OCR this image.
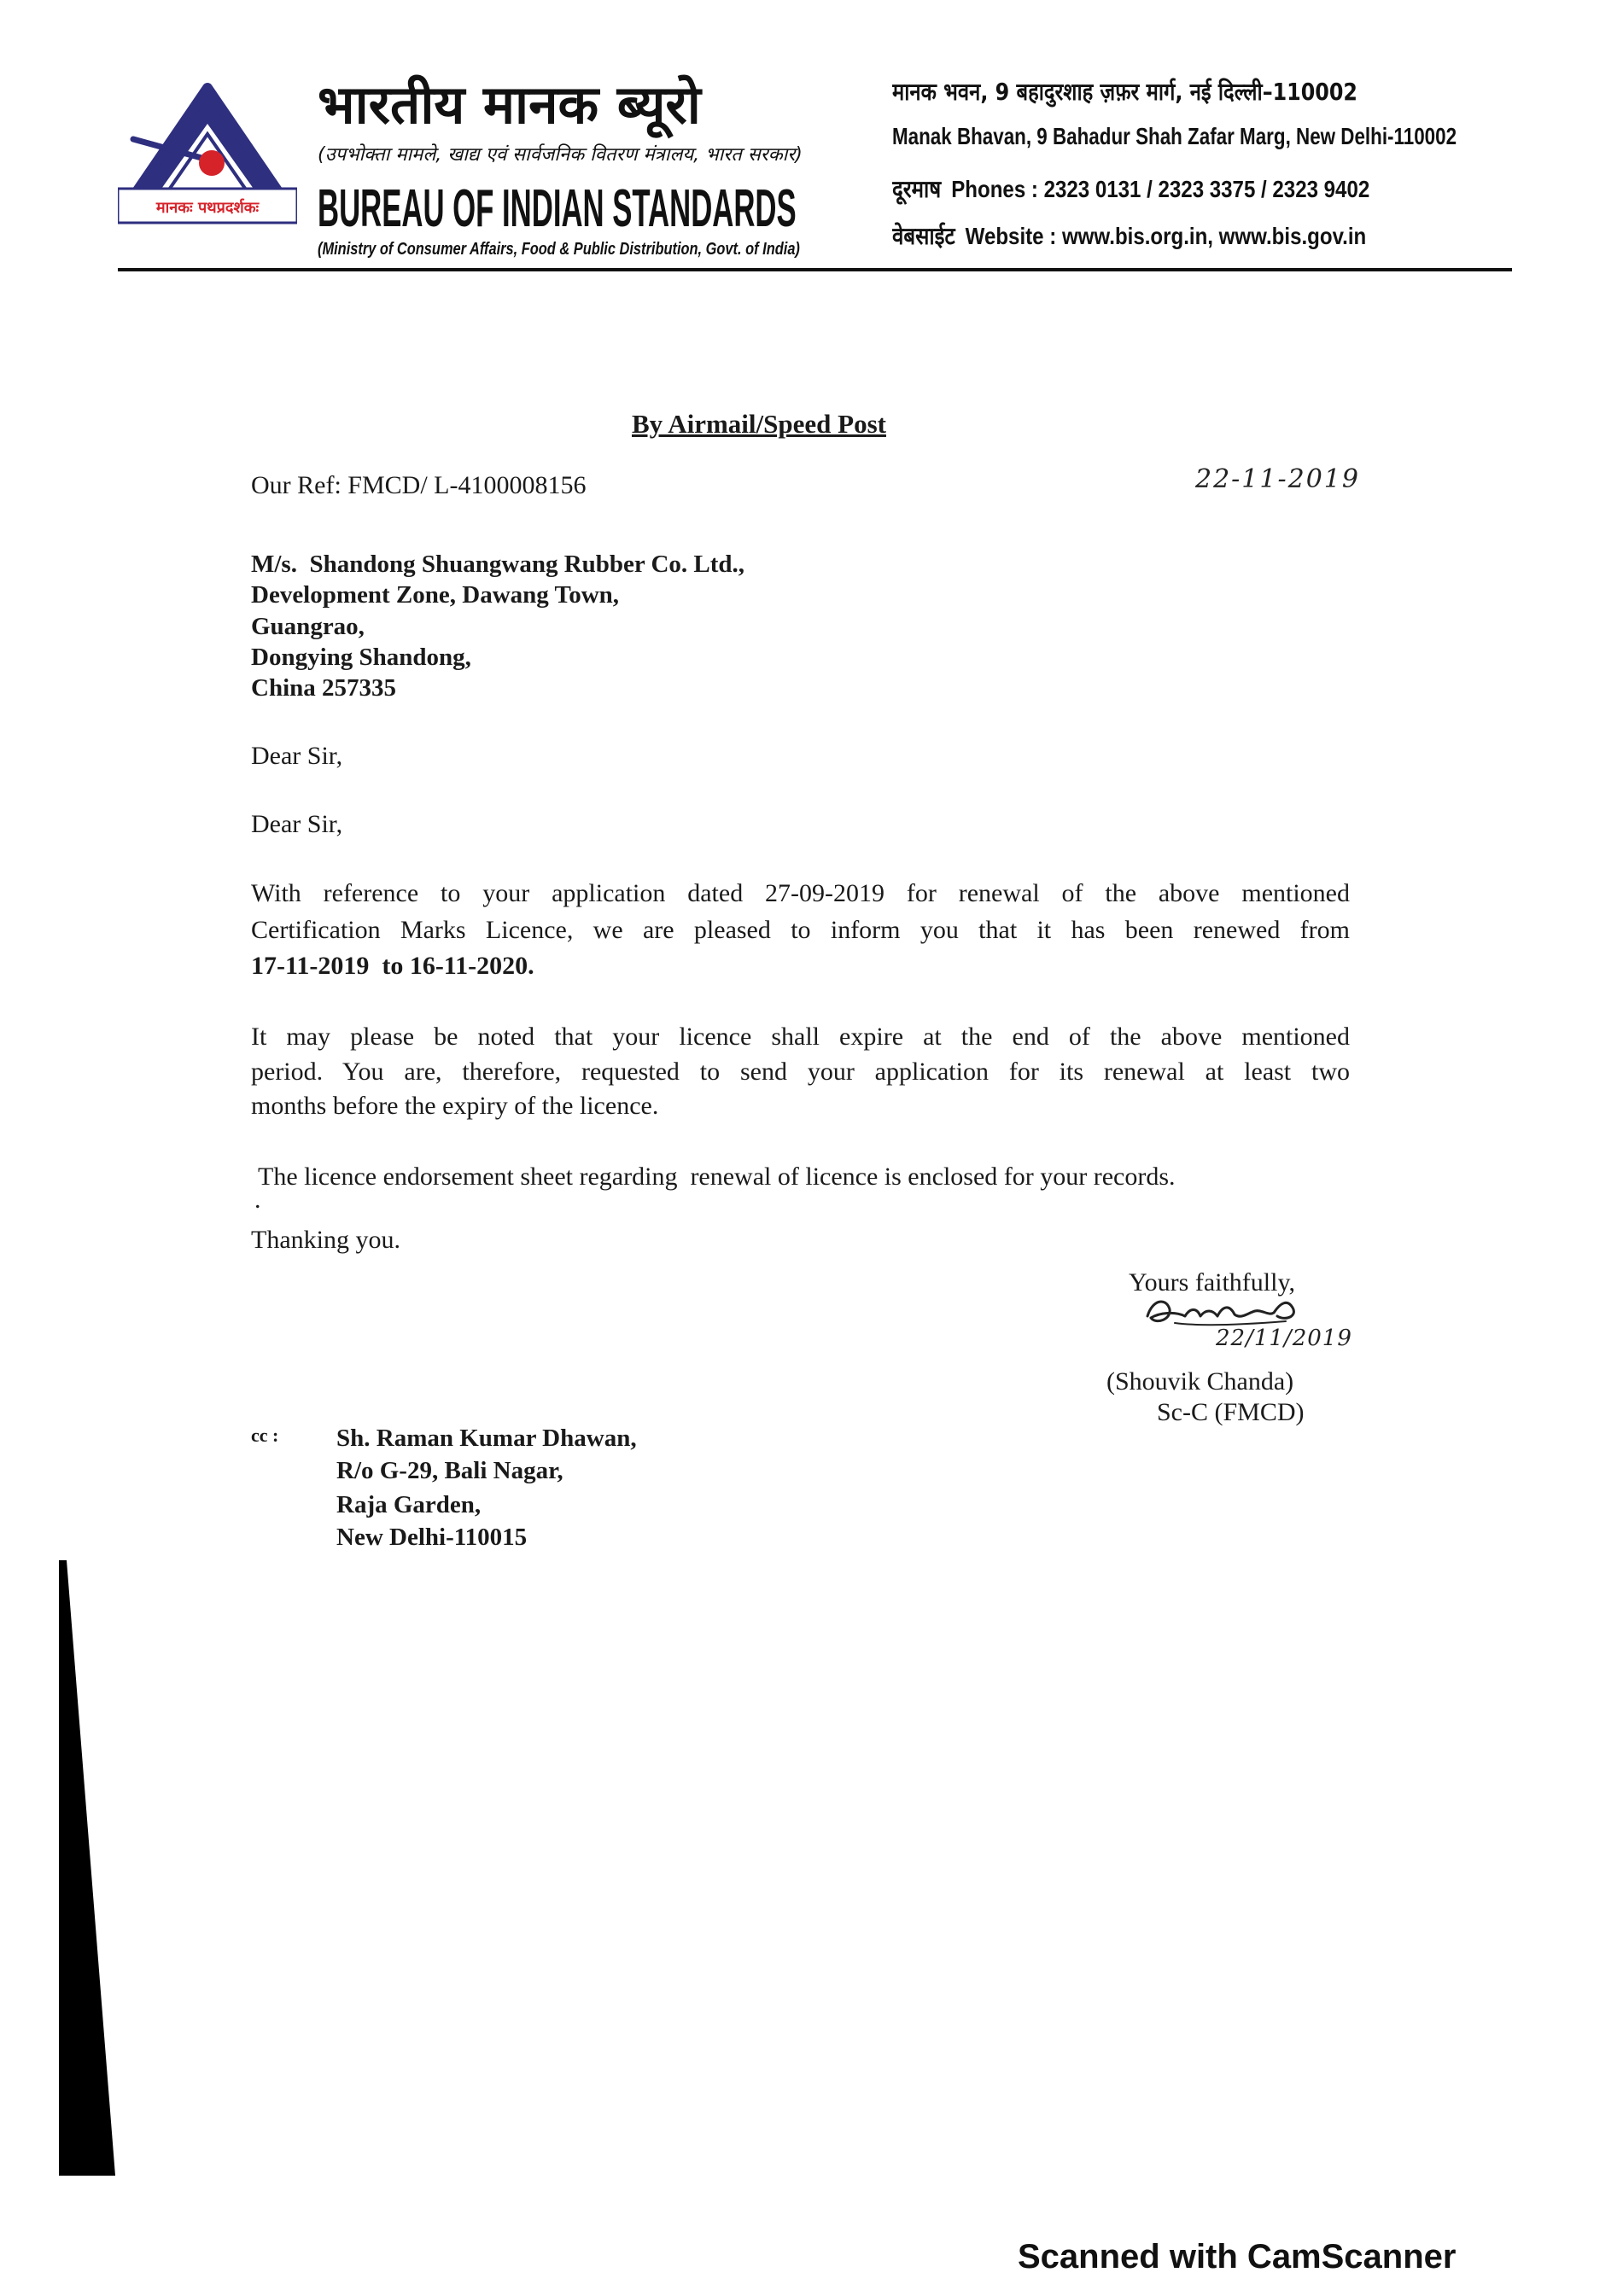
मानकः पथप्रदर्शकः
भारतीय मानक ब्यूरो
(उपभोक्ता मामले, खाद्य एवं सार्वजनिक वितरण मंत्रालय, भारत सरकार)
BUREAU OF INDIAN STANDARDS
(Ministry of Consumer Affairs, Food & Public Distribution, Govt. of India)
मानक भवन, 9 बहादुरशाह ज़फ़र मार्ग, नई दिल्ली–110002
Manak Bhavan, 9 Bahadur Shah Zafar Marg, New Delhi-110002
दूरमाष Phones : 2323 0131 / 2323 3375 / 2323 9402
वेबसाईट Website : www.bis.org.in, www.bis.gov.in
By Airmail/Speed Post
Our Ref: FMCD/ L-4100008156	22-11-2019
M/s.  Shandong Shuangwang Rubber Co. Ltd.,
Development Zone, Dawang Town,
Guangrao,
Dongying Shandong,
China 257335
Dear Sir,
Dear Sir,
With reference to your application dated 27-09-2019 for renewal of the above mentioned
Certification Marks Licence, we are pleased to inform you that it has been renewed from
17-11-2019  to 16-11-2020.
It may please be noted that your licence shall expire at the end of the above mentioned
period. You are, therefore, requested to send your application for its renewal at least two
months before the expiry of the licence.
The licence endorsement sheet regarding  renewal of licence is enclosed for your records.
.
Thanking you.
Yours faithfully,
22/11/2019
(Shouvik Chanda)
Sc-C (FMCD)
cc : Sh. Raman Kumar Dhawan,
R/o G-29, Bali Nagar,
Raja Garden,
New Delhi-110015
Scanned with CamScanner
